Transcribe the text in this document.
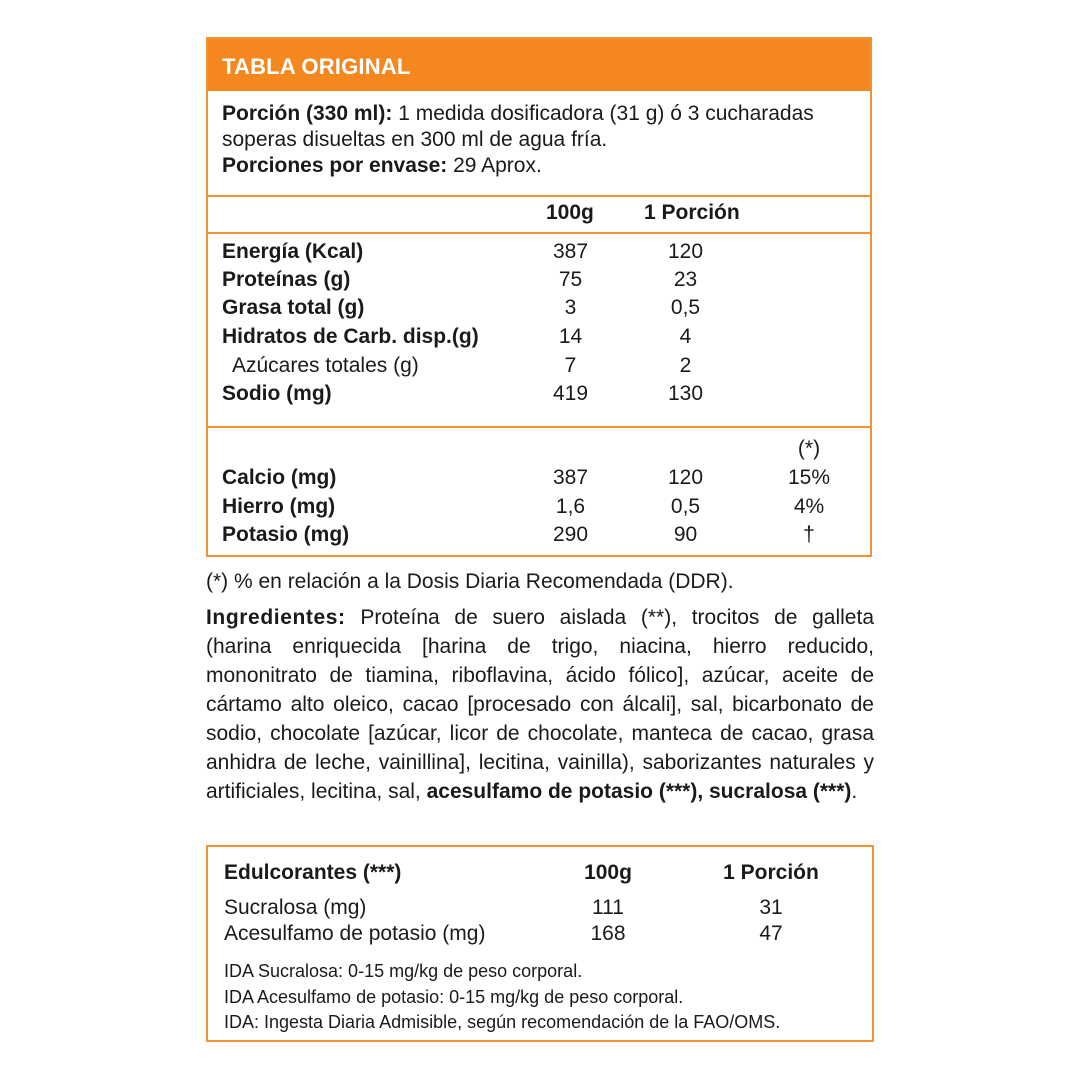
TABLA ORIGINAL
Porción (330 ml): 1 medida dosificadora (31 g) ó 3 cucharadas
soperas disueltas en 300 ml de agua fría.
Porciones por envase: 29 Aprox.
100g 1 Porción
Energía (Kcal)	387	120
Proteínas (g)	75	23
Grasa total (g)	3	0,5
Hidratos de Carb. disp.(g)	14	4
Azúcares totales (g)	7	2
Sodio (mg)	419	130
(*)
Calcio (mg)	387	120	15%
Hierro (mg)	1,6	0,5	4%
Potasio (mg)	290	90	†
(*) % en relación a la Dosis Diaria Recomendada (DDR).
Ingredientes: Proteína de suero aislada (**), trocitos de galleta (harina enriquecida [harina de trigo, niacina, hierro reducido, mononitrato de tiamina, riboflavina, ácido fólico], azúcar, aceite de cártamo alto oleico, cacao [procesado con álcali], sal, bicarbonato de sodio, chocolate [azúcar, licor de chocolate, manteca de cacao, grasa anhidra de leche, vainillina], lecitina, vainilla), saborizantes naturales y artificiales, lecitina, sal, acesulfamo de potasio (***), sucralosa (***).
Edulcorantes (***)	100g	1 Porción
Sucralosa (mg)	111	31
Acesulfamo de potasio (mg)	168	47
IDA Sucralosa: 0-15 mg/kg de peso corporal.
IDA Acesulfamo de potasio: 0-15 mg/kg de peso corporal.
IDA: Ingesta Diaria Admisible, según recomendación de la FAO/OMS.
